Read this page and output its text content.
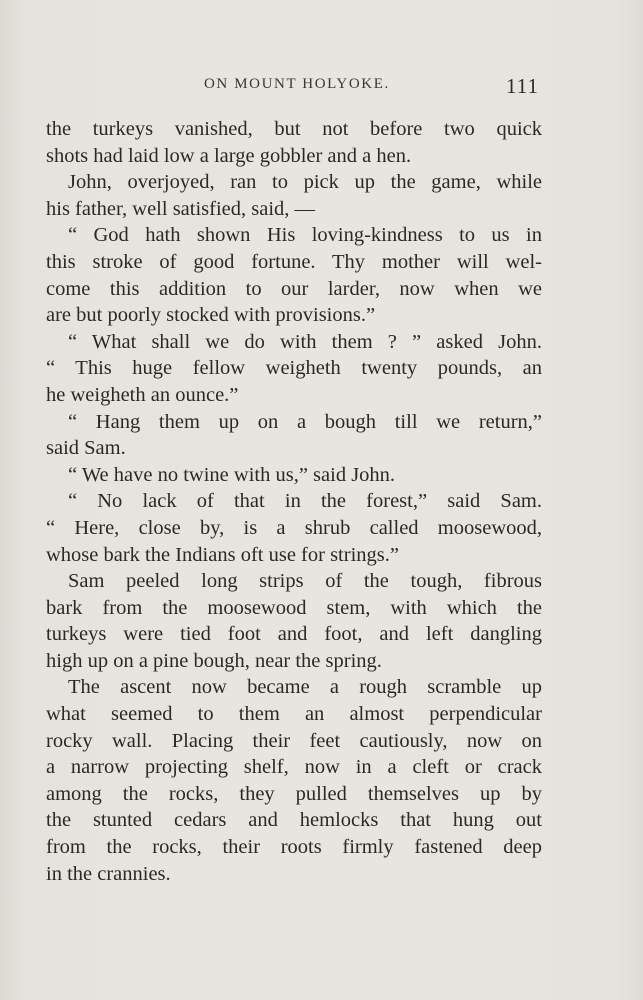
ON MOUNT HOLYOKE.	111
the turkeys vanished, but not before two quick
shots had laid low a large gobbler and a hen.
John, overjoyed, ran to pick up the game, while
his father, well satisfied, said, —
“ God hath shown His loving-kindness to us in
this stroke of good fortune. Thy mother will wel-
come this addition to our larder, now when we
are but poorly stocked with provisions.”
“ What shall we do with them ? ” asked John.
“ This huge fellow weigheth twenty pounds, an
he weigheth an ounce.”
“ Hang them up on a bough till we return,”
said Sam.
“ We have no twine with us,” said John.
“ No lack of that in the forest,” said Sam.
“ Here, close by, is a shrub called moosewood,
whose bark the Indians oft use for strings.”
Sam peeled long strips of the tough, fibrous
bark from the moosewood stem, with which the
turkeys were tied foot and foot, and left dangling
high up on a pine bough, near the spring.
The ascent now became a rough scramble up
what seemed to them an almost perpendicular
rocky wall. Placing their feet cautiously, now on
a narrow projecting shelf, now in a cleft or crack
among the rocks, they pulled themselves up by
the stunted cedars and hemlocks that hung out
from the rocks, their roots firmly fastened deep
in the crannies.
